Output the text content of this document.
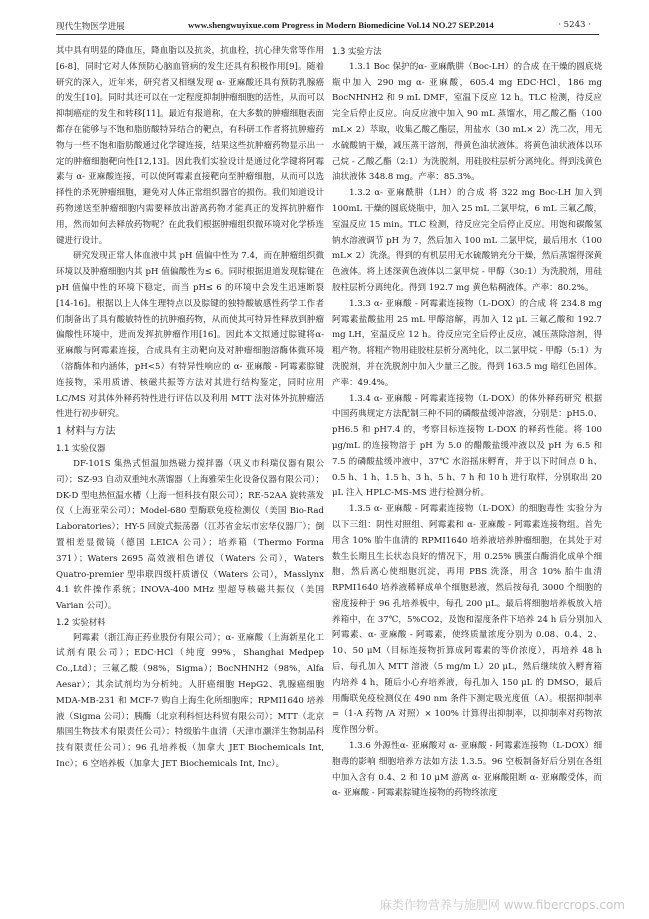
现代生物医学进展	www.shengwuyixue.com Progress in Modern Biomedicine Vol.14 NO.27 SEP.2014	· 5243 ·

其中具有明显的降血压，降血脂以及抗炎，抗血栓，抗心律失常等作用[6-8]，同时它对人体预防心脑血管病的发生还具有积极作用[9]。随着研究的深入，近年来，研究者又相继发现 α- 亚麻酸还具有预防乳腺癌的发生[10]。同时其还可以在一定程度抑制肿瘤细胞的活性，从而可以抑制癌症的发生和转移[11]。最近有报道称，在大多数的肿瘤细胞表面都存在能够与不饱和脂肪酸特异结合的靶点，有科研工作者将抗肿瘤药物与一些不饱和脂肪酸通过化学键连接，结果这些抗肿瘤药物显示出一定的肿瘤细胞靶向性[12,13]。因此我们实验设计是通过化学键将阿霉素与 α- 亚麻酸连接，可以使阿霉素直接靶向至肿瘤细胞，从而可以选择性的杀死肿瘤细胞，避免对人体正常组织器官的损伤。我们知道设计药物递送至肿瘤细胞内需要释放出游离药物才能真正的发挥抗肿瘤作用，然而如何去释放药物呢？在此我们根据肿瘤组织微环境对化学桥连键进行设计。

研究发现正常人体血液中其 pH 值偏中性为 7.4，而在肿瘤组织微环境以及肿瘤细胞内其 pH 值偏酸性为≤ 6。同时根据退道发现腙键在 pH 值偏中性的环境下稳定，而当 pH≤ 6 的环境中会发生迅速断裂[14-16]。根据以上人体生理特点以及腙键的独特酸敏感性药学工作者们制备出了具有酸敏特性的抗肿瘤药物，从而使其可特异性释放到肿瘤偏酸性环境中，进而发挥抗肿瘤作用[16]。因此本文拟通过腙键将α- 亚麻酸与阿霉素连接，合成具有主动靶向及对肿瘤细胞溶酶体微环境（溶酶体和内涵体，pH<5）有特异性响应的 α- 亚麻酸 - 阿霉素腙键连接物，采用质谱、核磁共振等方法对其进行结构鉴定，同时应用 LC/MS 对其体外释药特性进行评估以及利用 MTT 法对体外抗肿瘤活性进行初步研究。

1 材料与方法

1.1 实验仪器

DF-101S 集热式恒温加热磁力搅拌器（巩义市科瑞仪器有限公司）；SZ-93 自动双重纯水蒸馏器（上海雅荣生化设备仪器有限公司）；DK-D 型电热恒温水槽（上海一恒科技有限公司）；RE-52AA 旋转蒸发仪（上海亚荣公司）；Model-680 型酶联免疫检测仪（美国 Bio-Rad Laboratories）；HY-5 回旋式振荡器（江苏省金坛市宏华仪器厂）；倒置相差显微镜（德国 LEICA 公司）；培养箱（Thermo Forma 371）；Waters 2695 高效液相色谱仪（Waters 公司），Waters Quatro-premier 型串联四级杆质谱仪（Waters 公司），Masslynx 4.1 软件操作系统；INOVA-400 MHz 型超导核磁共振仪（美国 Varian 公司）。

1.2 实验材料

阿霉素（浙江海正药业股份有限公司）；α- 亚麻酸（上海新星化工试剂有限公司）；EDC·HCl（纯度 99%，Shanghai Medpep Co.,Ltd）；三氟乙酸（98%，Sigma）；BocNHNH2（98%，Alfa Aesar）；其余试剂均为分析纯。人肝癌细胞 HepG2、乳腺癌细胞 MDA-MB-231 和 MCF-7 购自上海生化所细胞库；RPMI1640 培养液（Sigma 公司）；胰酶（北京利科恒达科贸有限公司）；MTT（北京鼎国生物技术有限责任公司）；特级胎牛血清（天津市灏洋生物制品科技有限责任公司）；96 孔培养板（加拿大 JET Biochemicals Int, Inc）；6 空培养板（加拿大 JET Biochemicals Int, Inc）。

1.3 实验方法

1.3.1 Boc 保护的α- 亚麻酰肼（Boc-LH）的合成 在干燥的圆底烧瓶中加入 290 mg α- 亚麻酸，605.4 mg EDC·HCl，186 mg BocNHNH2 和 9 mL DMF，室温下反应 12 h。TLC 检测，待反应完全后停止反应。向反应液中加入 90 mL 蒸馏水，用乙酸乙酯（100 mL× 2）萃取，收集乙酸乙酯层，用盐水（30 mL× 2）洗二次，用无水硫酸钠干燥，减压蒸干溶剂，得黄色油状液体。将黄色油状液体以环己烷 - 乙酸乙酯（2:1）为洗脱剂，用硅胶柱层析分离纯化。得到浅黄色油状液体 348.8 mg。产率：85.3%。

1.3.2 α- 亚麻酰肼（LH）的合成 将 322 mg Boc-LH 加入到 100mL 干燥的圆底烧瓶中，加入 25 mL 二氯甲烷，6 mL 三氟乙酸，室温反应 15 min。TLC 检测，待反应完全后停止反应。用饱和碳酸氢钠水溶液调节 pH 为 7，然后加入 100 mL 二氯甲烷，最后用水（100 mL× 2）洗涤。得到的有机层用无水硫酸钠充分干燥，然后蒸馏得深黄色液体。将上述深黄色液体以二氯甲烷 - 甲醇（30:1）为洗脱剂，用硅胶柱层析分离纯化。得到 192.7 mg 黄色粘稠液体。产率：80.2%。

1.3.3 α- 亚麻酸 - 阿霉素连接物（L-DOX）的合成 将 234.8 mg 阿霉素盐酸盐用 25 mL 甲醇溶解，再加入 12 μL 三氟乙酸和 192.7 mg LH，室温反应 12 h。待反应完全后停止反应，减压蒸除溶剂，得粗产物。将粗产物用硅胶柱层析分离纯化，以二氯甲烷 - 甲醇（5:1）为洗脱剂，并在洗脱剂中加入少量三乙胺。得到 163.5 mg 暗红色固体。产率：49.4%。

1.3.4 α- 亚麻酸 - 阿霉素连接物（L-DOX）的体外释药研究 根据中国药典规定方法配制三种不同的磷酸盐缓冲溶液，分别是：pH5.0、pH6.5 和 pH7.4 的，考察目标连接物 L-DOX 的释药性能。将 100 μg/mL 的连接物溶于 pH 为 5.0 的醋酸盐缓冲液以及 pH 为 6.5 和 7.5 的磷酸盐缓冲液中，37℃ 水浴摇床孵育，并于以下时间点 0 h、0.5 h、1 h、1.5 h、3 h、5 h、7 h 和 10 h 进行取样，分别取出 20 μL 注入 HPLC-MS-MS 进行检测分析。

1.3.5 α- 亚麻酸 - 阿霉素连接物（L-DOX）的细胞毒性 实验分为以下三组：阴性对照组、阿霉素和 α- 亚麻酸 - 阿霉素连接物组。首先用含 10% 胎牛血清的 RPMI1640 培养液培养肿瘤细胞，在其处于对数生长期且生长状态良好的情况下，用 0.25% 胰蛋白酶消化成单个细胞，然后离心使细胞沉淀，再用 PBS 洗涤，用含 10% 胎牛血清 RPMI1640 培养液稀释成单个细胞悬液，然后按每孔 3000 个细胞的密度接种于 96 孔培养板中，每孔 200 μL。最后将细胞培养板放入培养箱中，在 37℃，5%CO2，及饱和湿度条件下培养 24 h 后分别加入阿霉素、α- 亚麻酸 - 阿霉素，使终质量浓度分别为 0.08、0.4、2、10、50 μM（目标连接物折算成阿霉素的等价浓度），再培养 48 h 后，每孔加入 MTT 溶液（5 mg/m L）20 μL，然后继续放入孵育箱内培养 4 h，随后小心弃培养液，每孔加入 150 μL 的 DMSO，最后用酶联免疫检测仪在 490 nm 条件下测定吸光度值（A）。根据抑制率 =（1-A 药物 /A 对照）× 100% 计算得出抑制率，以抑制率对药物浓度作图分析。

1.3.6 外源性α- 亚麻酸对 α- 亚麻酸 - 阿霉素连接物（L-DOX）细胞毒的影响 细胞培养方法如方法 1.3.5。96 空板制备好后分别在各组中加入含有 0.4、2 和 10 μM 游离 α- 亚麻酸阻断 α- 亚麻酸受体，而 α- 亚麻酸 - 阿霉素腙键连接物的药物终浓度

麻类作物营养与施肥网 www.fibercrops.com
